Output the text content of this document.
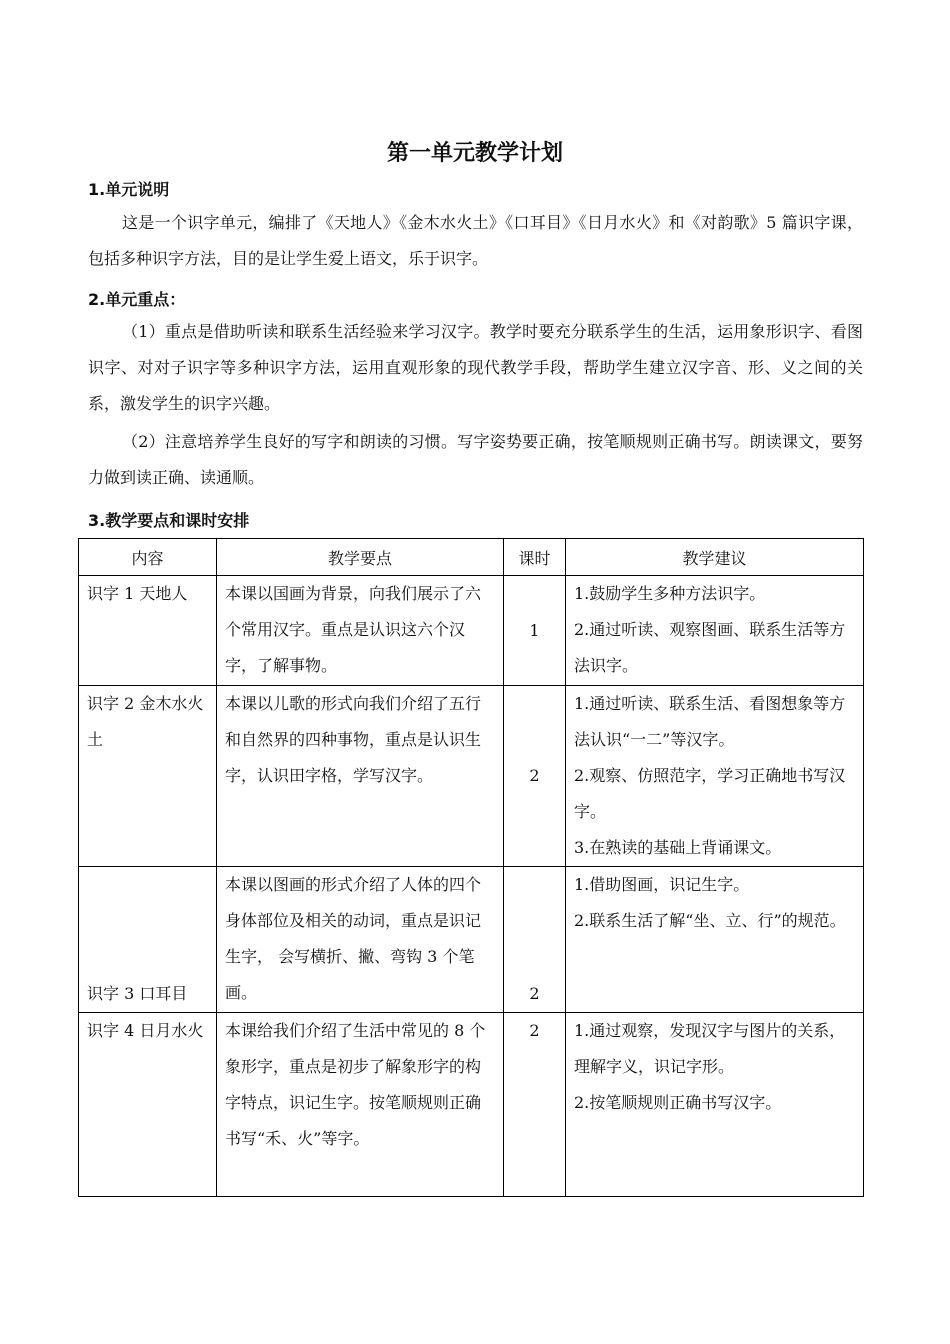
第一单元教学计划
1.单元说明

这是一个识字单元，编排了《天地人》《金木水火土》《口耳目》《日月水火》和《对韵歌》5 篇识字课，包括多种识字方法，目的是让学生爱上语文，乐于识字。

2.单元重点：

（1）重点是借助听读和联系生活经验来学习汉字。教学时要充分联系学生的生活，运用象形识字、看图识字、对对子识字等多种识字方法，运用直观形象的现代教学手段，帮助学生建立汉字音、形、义之间的关系，激发学生的识字兴趣。

（2）注意培养学生良好的写字和朗读的习惯。写字姿势要正确，按笔顺规则正确书写。朗读课文，要努力做到读正确、读通顺。

3.教学要点和课时安排
内容	教学要点	课时	教学建议
识字 1 天地人	本课以国画为背景，向我们展示了六个常用汉字。重点是认识这六个汉字，了解事物。	1	1.鼓励学生多种方法识字。
2.通过听读、观察图画、联系生活等方法识字。

识字 2 金木水火土	本课以儿歌的形式向我们介绍了五行和自然界的四种事物，重点是认识生字，认识田字格，学写汉字。	2	1.通过听读、联系生活、看图想象等方法认识“一二”等汉字。
2.观察、仿照范字，学习正确地书写汉字。
3.在熟读的基础上背诵课文。

识字 3 口耳目	本课以图画的形式介绍了人体的四个身体部位及相关的动词，重点是识记生字， 会写横折、撇、弯钩 3 个笔画。	2	1.借助图画，识记生字。
2.联系生活了解“坐、立、行”的规范。

识字 4 日月水火	本课给我们介绍了生活中常见的 8 个象形字，重点是初步了解象形字的构字特点，识记生字。按笔顺规则正确书写“禾、火”等字。	2	1.通过观察，发现汉字与图片的关系，理解字义，识记字形。
2.按笔顺规则正确书写汉字。
